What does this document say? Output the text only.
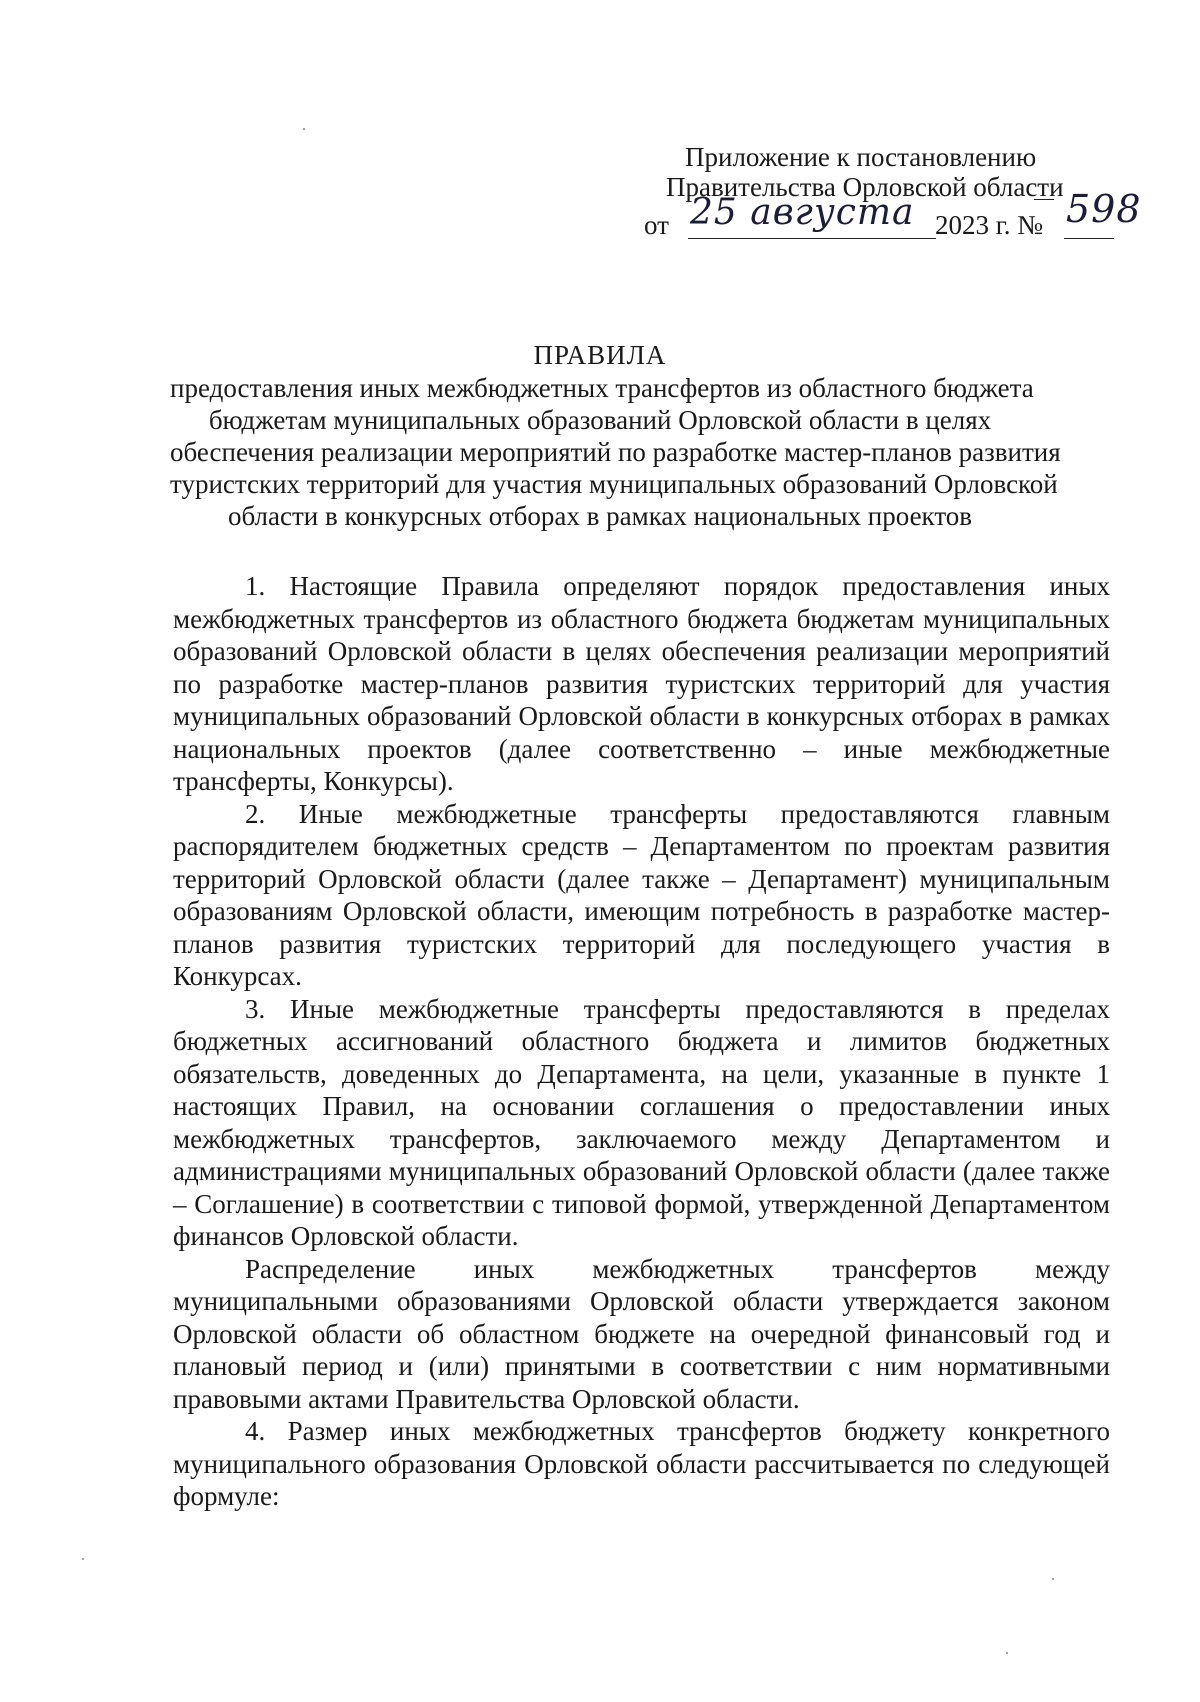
Приложение к постановлению
Правительства Орловской области
от 25 августа 2023 г. № 598
ПРАВИЛА
предоставления иных межбюджетных трансфертов из областного бюджета
бюджетам муниципальных образований Орловской области в целях
обеспечения реализации мероприятий по разработке мастер-планов развития
туристских территорий для участия муниципальных образований Орловской
области в конкурсных отборах в рамках национальных проектов

1. Настоящие Правила определяют порядок предоставления иных межбюджетных трансфертов из областного бюджета бюджетам муниципальных образований Орловской области в целях обеспечения реализации мероприятий по разработке мастер-планов развития туристских территорий для участия муниципальных образований Орловской области в конкурсных отборах в рамках национальных проектов (далее соответственно – иные межбюджетные трансферты, Конкурсы).

2. Иные межбюджетные трансферты предоставляются главным распорядителем бюджетных средств – Департаментом по проектам развития территорий Орловской области (далее также – Департамент) муниципальным образованиям Орловской области, имеющим потребность в разработке мастер-планов развития туристских территорий для последующего участия в Конкурсах.

3. Иные межбюджетные трансферты предоставляются в пределах бюджетных ассигнований областного бюджета и лимитов бюджетных обязательств, доведенных до Департамента, на цели, указанные в пункте 1 настоящих Правил, на основании соглашения о предоставлении иных межбюджетных трансфертов, заключаемого между Департаментом и администрациями муниципальных образований Орловской области (далее также – Соглашение) в соответствии с типовой формой, утвержденной Департаментом финансов Орловской области.

Распределение иных межбюджетных трансфертов между муниципальными образованиями Орловской области утверждается законом Орловской области об областном бюджете на очередной финансовый год и плановый период и (или) принятыми в соответствии с ним нормативными правовыми актами Правительства Орловской области.

4. Размер иных межбюджетных трансфертов бюджету конкретного муниципального образования Орловской области рассчитывается по следующей формуле:
